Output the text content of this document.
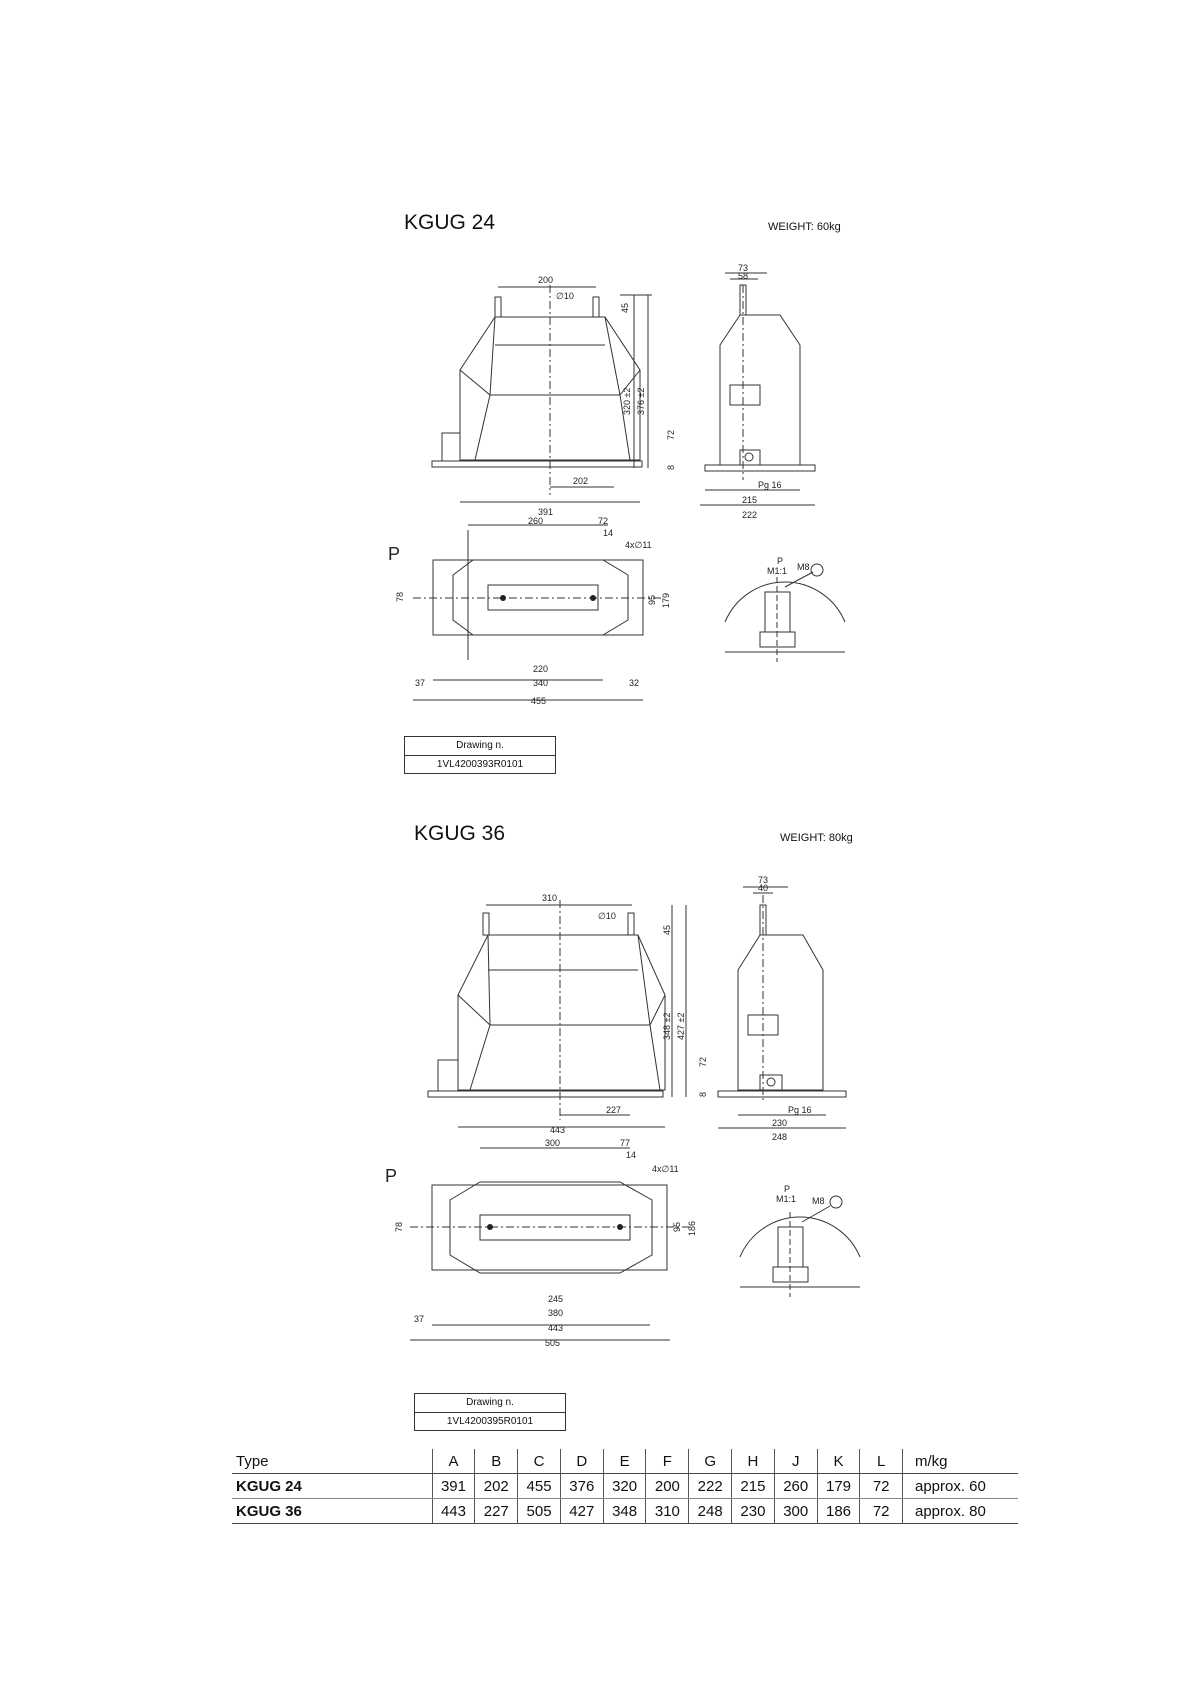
KGUG 24	WEIGHT: 60kg
200
∅10
45
320 ±2 376 ±2
202
391
73
58
72
8
Pg 16
215
222
P
260	72
14
4x∅11
78	95 179
220
340
37	32
455
P
M1:1 M8
Drawing n.
1VL4200393R0101
KGUG 36	WEIGHT: 80kg
310
∅10
45
348 ±2 427 ±2
227
443
73
40
72
8
Pg 16
230
248
P
300	77
14
4x∅11
78	95 186
245
380
37
443
505
P
M1:1 M8
Drawing n.
1VL4200395R0101
Type	A	B	C	D	E	F	G	H	J	K	L	m/kg
KGUG 24	391	202	455	376	320	200	222	215	260	179	72	approx. 60
KGUG 36	443	227	505	427	348	310	248	230	300	186	72	approx. 80
